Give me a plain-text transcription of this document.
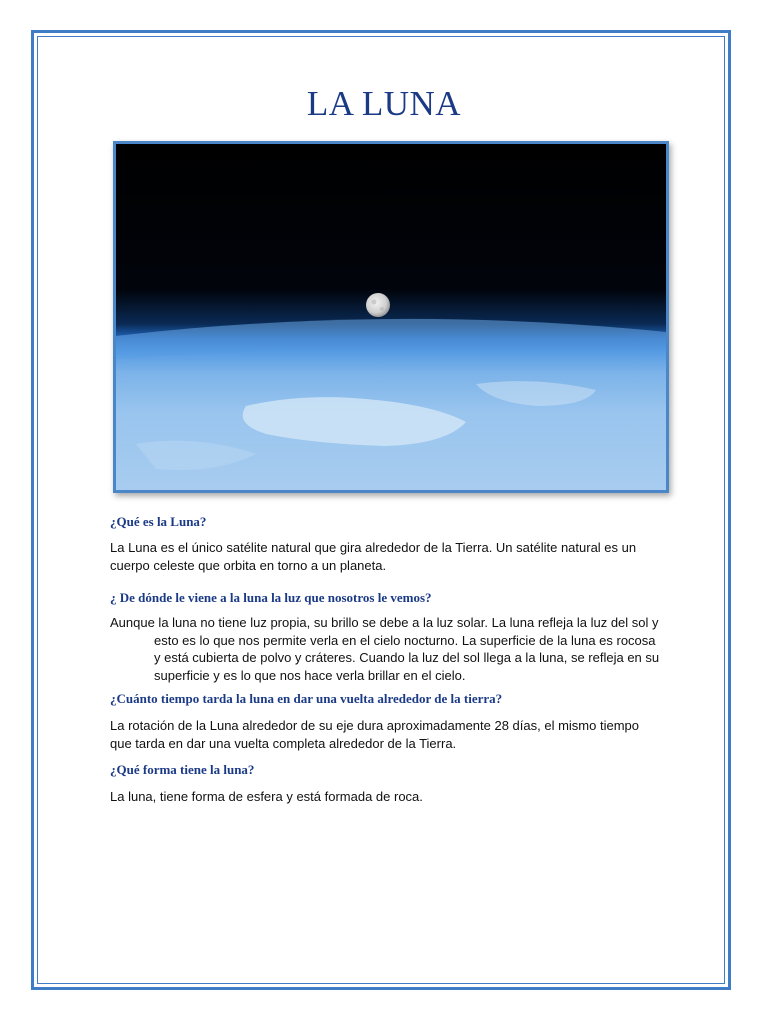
LA LUNA
¿Qué es la Luna?

La Luna es el único satélite natural que gira alrededor de la Tierra. Un satélite natural es un cuerpo celeste que orbita en torno a un planeta.

¿ De dónde le viene a la luna la luz que nosotros le vemos?

Aunque la luna no tiene luz propia, su brillo se debe a la luz solar. La luna refleja la luz del sol y esto es lo que nos permite verla en el cielo nocturno. La superficie de la luna es rocosa y está cubierta de polvo y cráteres. Cuando la luz del sol llega a la luna, se refleja en su superficie y es lo que nos hace verla brillar en el cielo.

¿Cuánto tiempo tarda la luna en dar una vuelta alrededor de la tierra?

La rotación de la Luna alrededor de su eje dura aproximadamente 28 días, el mismo tiempo que tarda en dar una vuelta completa alrededor de la Tierra.

¿Qué forma tiene la luna?

La luna, tiene forma de esfera y está formada de roca.
